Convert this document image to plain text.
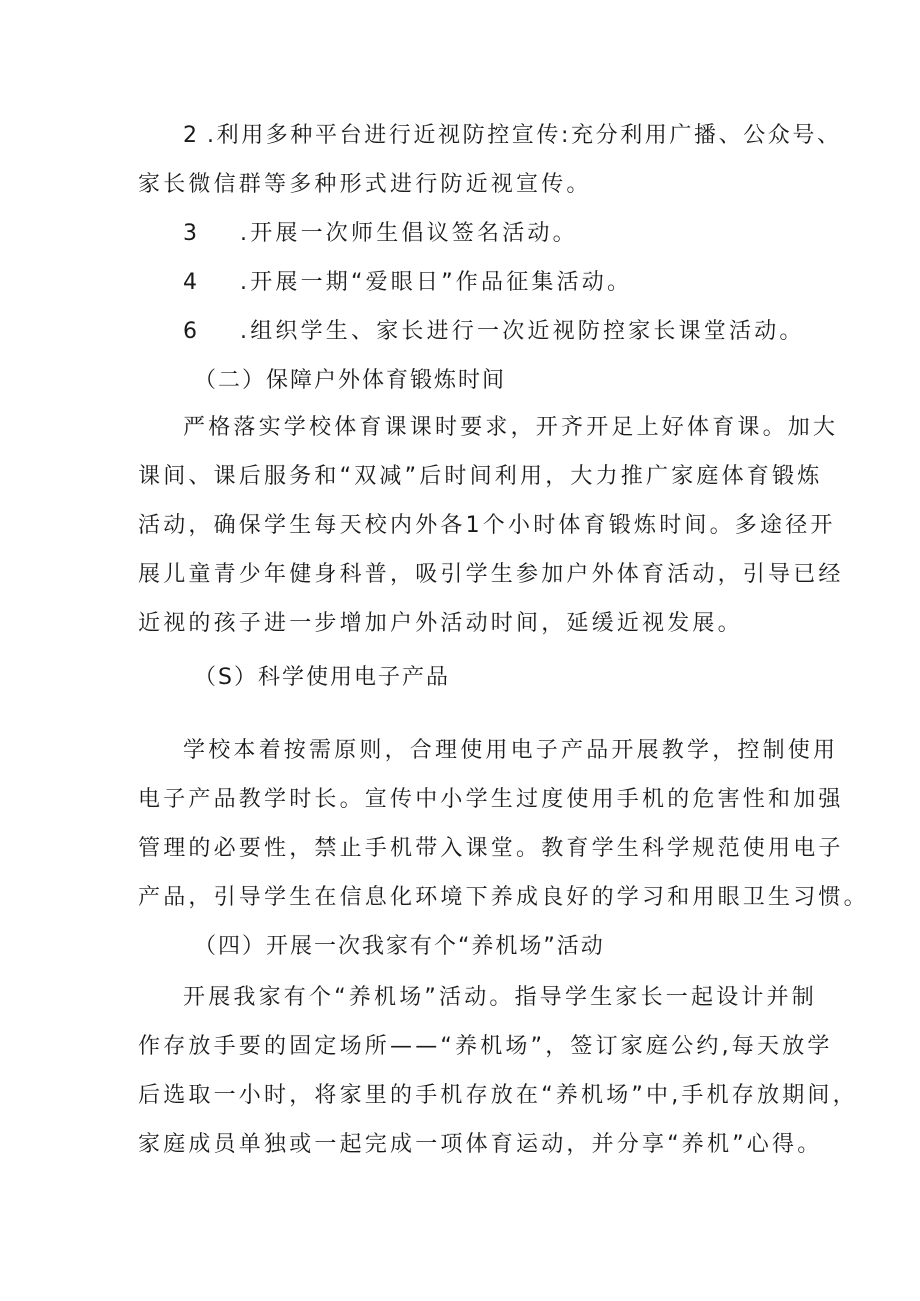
2 .利用多种平台进行近视防控宣传:充分利用广播、公众号、
家长微信群等多种形式进行防近视宣传。
3 .开展一次师生倡议签名活动。
4 .开展一期“爱眼日”作品征集活动。
6 .组织学生、家长进行一次近视防控家长课堂活动。
（二）保障户外体育锻炼时间
严格落实学校体育课课时要求，开齐开足上好体育课。加大
课间、课后服务和“双减”后时间利用，大力推广家庭体育锻炼
活动，确保学生每天校内外各1个小时体育锻炼时间。多途径开
展儿童青少年健身科普，吸引学生参加户外体育活动，引导已经
近视的孩子进一步增加户外活动时间，延缓近视发展。
（S）科学使用电子产品
学校本着按需原则，合理使用电子产品开展教学，控制使用
电子产品教学时长。宣传中小学生过度使用手机的危害性和加强
管理的必要性，禁止手机带入课堂。教育学生科学规范使用电子
产品，引导学生在信息化环境下养成良好的学习和用眼卫生习惯。
（四）开展一次我家有个“养机场”活动
开展我家有个“养机场”活动。指导学生家长一起设计并制
作存放手要的固定场所——“养机场”，签订家庭公约,每天放学
后选取一小时，将家里的手机存放在“养机场”中,手机存放期间，
家庭成员单独或一起完成一项体育运动，并分享“养机”心得。
